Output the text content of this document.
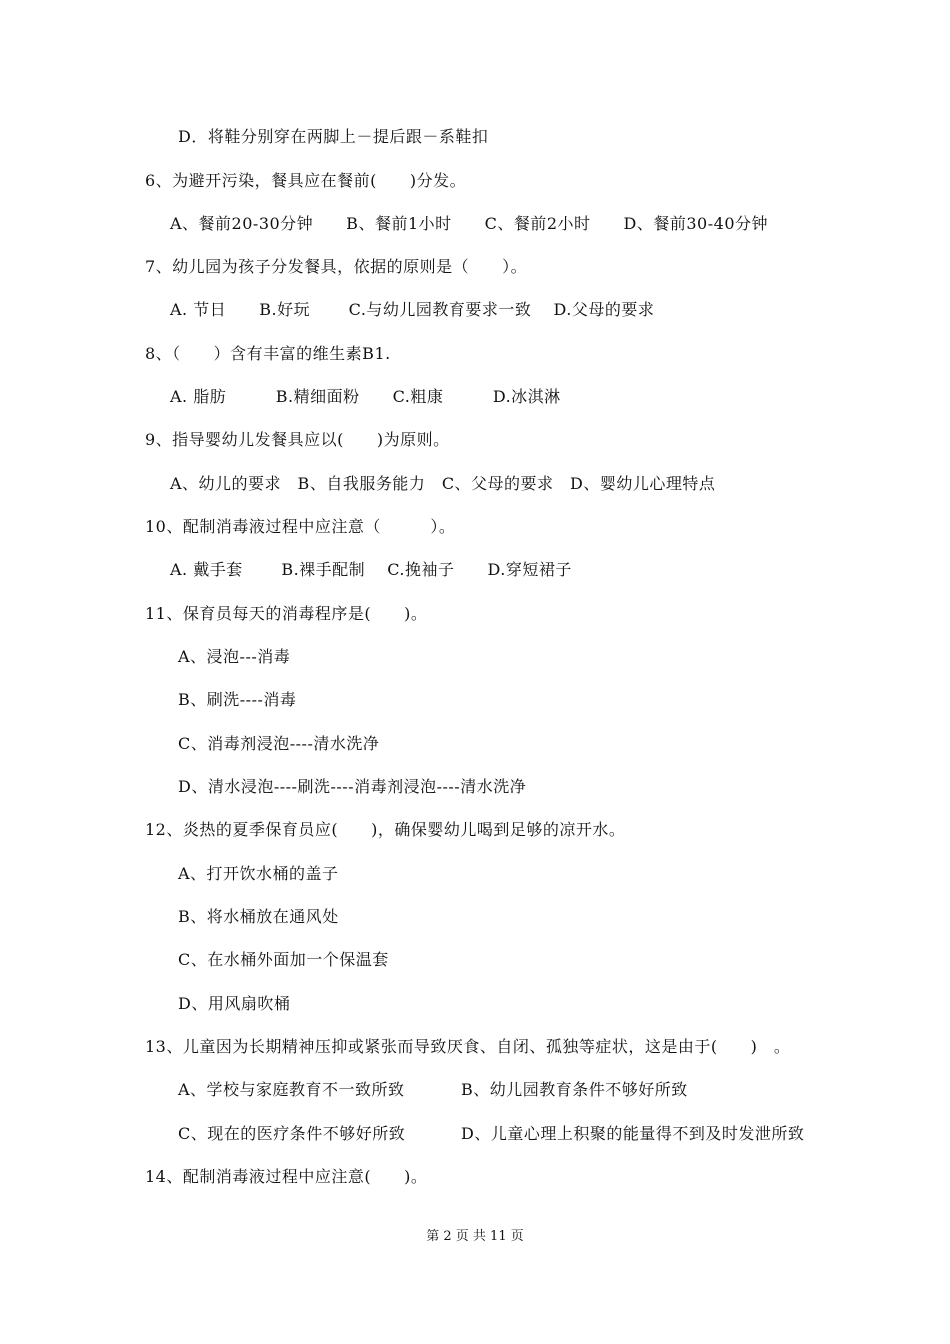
D．将鞋分别穿在两脚上－提后跟－系鞋扣
6、为避开污染，餐具应在餐前(　　)分发。
A、餐前20-30分钟　　B、餐前1小时　　C、餐前2小时　　D、餐前30-40分钟
7、幼儿园为孩子分发餐具，依据的原则是（　　）。
A. 节日　　B.好玩　　 C.与幼儿园教育要求一致　 D.父母的要求
8、（　　）含有丰富的维生素B1.
A. 脂肪　　　B.精细面粉　　C.粗康　　　D.冰淇淋
9、指导婴幼儿发餐具应以(　　)为原则。
A、幼儿的要求　B、自我服务能力　C、父母的要求　D、婴幼儿心理特点
10、配制消毒液过程中应注意（　　　）。
A. 戴手套　　 B.裸手配制　 C.挽袖子　　D.穿短裙子
11、保育员每天的消毒程序是(　　)。
A、浸泡---消毒
B、刷洗----消毒
C、消毒剂浸泡----清水洗净
D、清水浸泡----刷洗----消毒剂浸泡----清水洗净
12、炎热的夏季保育员应(　　)，确保婴幼儿喝到足够的凉开水。
A、打开饮水桶的盖子
B、将水桶放在通风处
C、在水桶外面加一个保温套
D、用风扇吹桶
13、儿童因为长期精神压抑或紧张而导致厌食、自闭、孤独等症状，这是由于(　　)　。
A、学校与家庭教育不一致所致	B、幼儿园教育条件不够好所致
C、现在的医疗条件不够好所致	D、儿童心理上积聚的能量得不到及时发泄所致
14、配制消毒液过程中应注意(　　)。
第 2 页 共 11 页
